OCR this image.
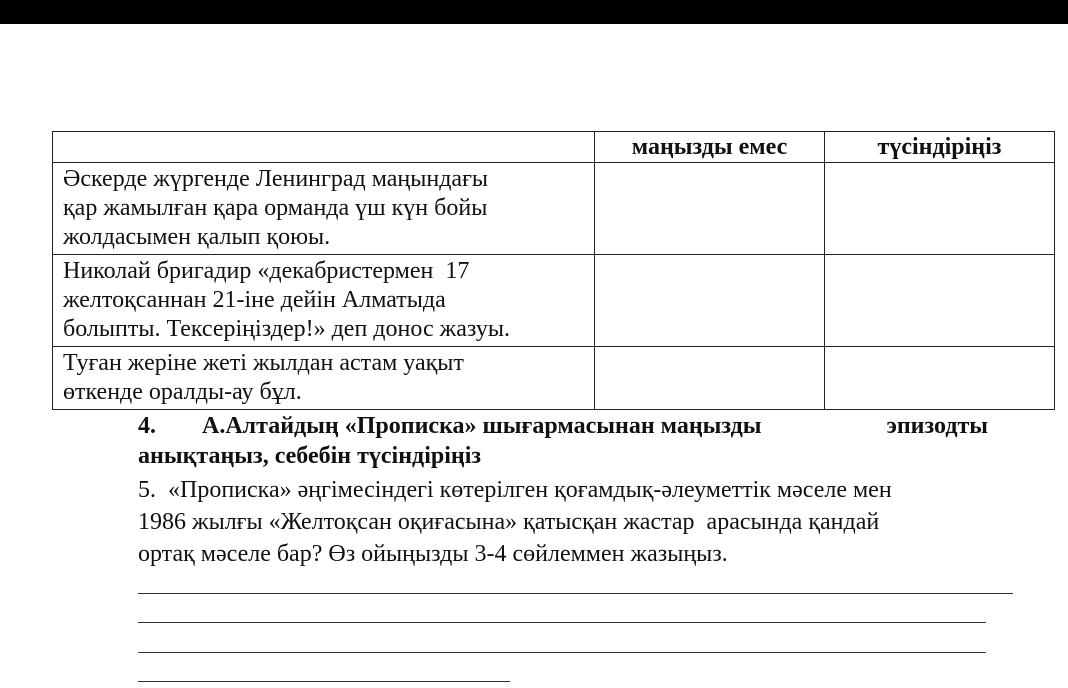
	маңызды емес	түсіндіріңіз

Әскерде жүргенде Ленинград маңындағы
қар жамылған қара орманда үш күн бойы
жолдасымен қалып қоюы.		

Николай бригадир «декабристермен  17
желтоқсаннан 21-іне дейін Алматыда
болыпты. Тексеріңіздер!» деп донос жазуы.		

Туған жеріне жеті жылдан астам уақыт
өткенде оралды-ау бұл.		

4. А.Алтайдың «Прописка» шығармасынан маңызды	эпизодты
анықтаңыз, себебін түсіндіріңіз
5.  «Прописка» әңгімесіндегі көтерілген қоғамдық-әлеуметтік мәселе мен
1986 жылғы «Желтоқсан оқиғасына» қатысқан жастар  арасында қандай
ортақ мәселе бар? Өз ойыңызды 3-4 сөйлеммен жазыңыз.
